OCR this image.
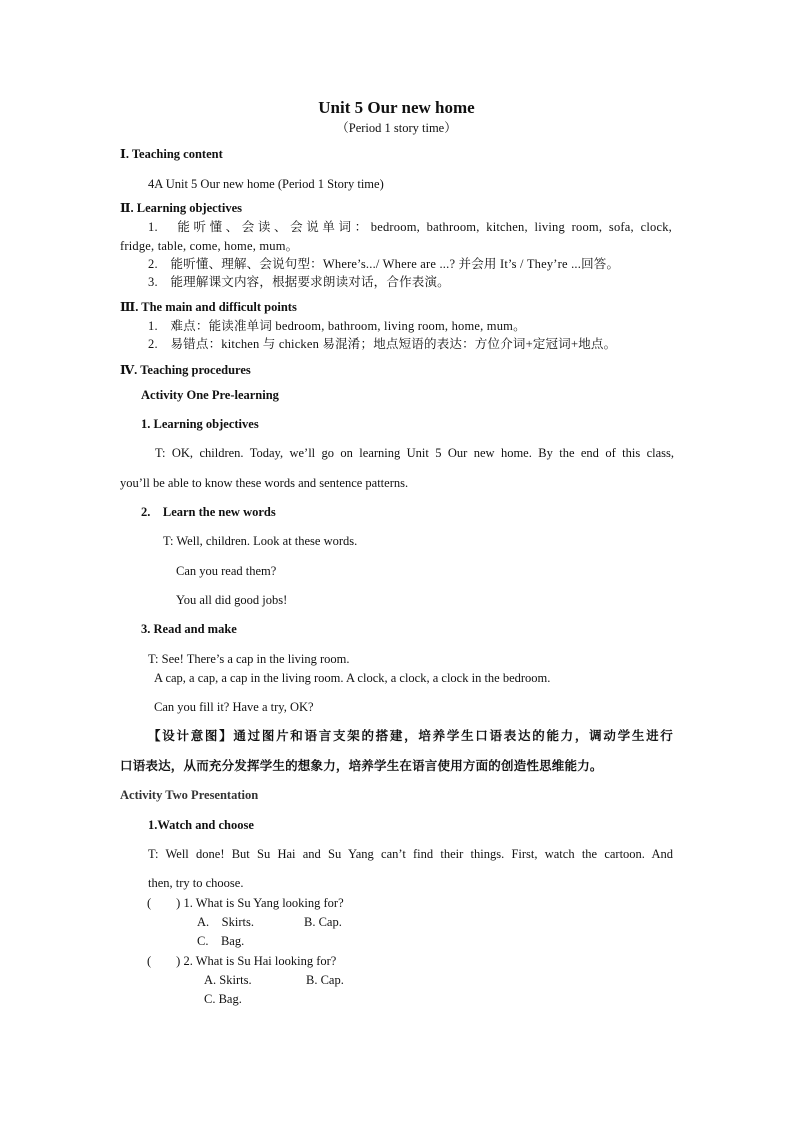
Unit 5 Our new home
（Period 1 story time）
Ⅰ. Teaching content
4A Unit 5 Our new home (Period 1 Story time)
Ⅱ. Learning objectives
1.　能听懂、会读、会说单词：bedroom, bathroom, kitchen, living room, sofa, clock,
fridge, table, come, home, mum。
2.　能听懂、理解、会说句型：Where’s.../ Where are ...? 并会用 It’s / They’re ...回答。
3.　能理解课文内容，根据要求朗读对话，合作表演。
Ⅲ. The main and difficult points
1.　难点：能读准单词 bedroom, bathroom, living room, home, mum。
2.　易错点：kitchen 与 chicken 易混淆；地点短语的表达：方位介词+定冠词+地点。
Ⅳ. Teaching procedures
Activity One Pre-learning
1. Learning objectives
T: OK, children. Today, we’ll go on learning Unit 5 Our new home. By the end of this class,
you’ll be able to know these words and sentence patterns.
2.　Learn the new words
T: Well, children. Look at these words.
Can you read them?
You all did good jobs!
3. Read and make
T: See! There’s a cap in the living room.
A cap, a cap, a cap in the living room. A clock, a clock, a clock in the bedroom.
Can you fill it? Have a try, OK?
【设计意图】通过图片和语言支架的搭建，培养学生口语表达的能力，调动学生进行
口语表达，从而充分发挥学生的想象力，培养学生在语言使用方面的创造性思维能力。
Activity Two Presentation
1.Watch and choose
T: Well done! But Su Hai and Su Yang can’t find their things. First, watch the cartoon. And
then, try to choose.
(　　) 1. What is Su Yang looking for?
A.　Skirts.	B. Cap.
C.　Bag.
(　　) 2. What is Su Hai looking for?
A. Skirts.	B. Cap.
C. Bag.
